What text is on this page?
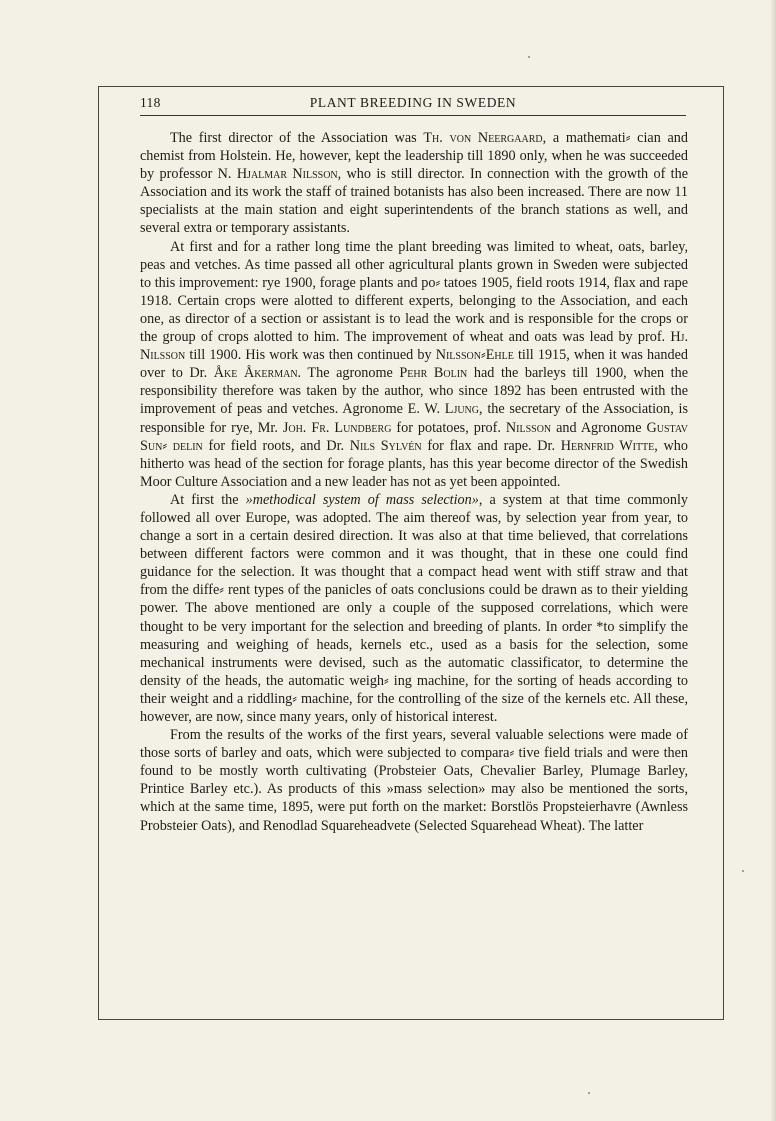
118	PLANT BREEDING IN SWEDEN

The first director of the Association was Th. von Neergaard, a mathemati⸗ cian and chemist from Holstein. He, however, kept the leadership till 1890 only, when he was succeeded by professor N. Hjalmar Nilsson, who is still director. In connection with the growth of the Association and its work the staff of trained botanists has also been increased. There are now 11 specialists at the main station and eight superintendents of the branch stations as well, and several extra or temporary assistants.

At first and for a rather long time the plant breeding was limited to wheat, oats, barley, peas and vetches. As time passed all other agricultural plants grown in Sweden were subjected to this improvement: rye 1900, forage plants and po⸗ tatoes 1905, field roots 1914, flax and rape 1918. Certain crops were alotted to different experts, belonging to the Association, and each one, as director of a section or assistant is to lead the work and is responsible for the crops or the group of crops alotted to him. The improvement of wheat and oats was lead by prof. Hj. Nilsson till 1900. His work was then continued by Nilsson⸗Ehle till 1915, when it was handed over to Dr. Åke Åkerman. The agronome Pehr Bolin had the barleys till 1900, when the responsibility therefore was taken by the author, who since 1892 has been entrusted with the improvement of peas and vetches. Agronome E. W. Ljung, the secretary of the Association, is responsible for rye, Mr. Joh. Fr. Lundberg for potatoes, prof. Nilsson and Agronome Gustav Sun⸗ delin for field roots, and Dr. Nils Sylvén for flax and rape. Dr. Hernfrid Witte, who hitherto was head of the section for forage plants, has this year become director of the Swedish Moor Culture Association and a new leader has not as yet been appointed.

At first the »methodical system of mass selection», a system at that time commonly followed all over Europe, was adopted. The aim thereof was, by selection year from year, to change a sort in a certain desired direction. It was also at that time believed, that correlations between different factors were common and it was thought, that in these one could find guidance for the selection. It was thought that a compact head went with stiff straw and that from the diffe⸗ rent types of the panicles of oats conclusions could be drawn as to their yielding power. The above mentioned are only a couple of the supposed correlations, which were thought to be very important for the selection and breeding of plants. In order *to simplify the measuring and weighing of heads, kernels etc., used as a basis for the selection, some mechanical instruments were devised, such as the automatic classificator, to determine the density of the heads, the automatic weigh⸗ ing machine, for the sorting of heads according to their weight and a riddling⸗ machine, for the controlling of the size of the kernels etc. All these, however, are now, since many years, only of historical interest.

From the results of the works of the first years, several valuable selections were made of those sorts of barley and oats, which were subjected to compara⸗ tive field trials and were then found to be mostly worth cultivating (Probsteier Oats, Chevalier Barley, Plumage Barley, Printice Barley etc.). As products of this »mass selection» may also be mentioned the sorts, which at the same time, 1895, were put forth on the market: Borstlös Propsteierhavre (Awnless Probsteier Oats), and Renodlad Squareheadvete (Selected Squarehead Wheat). The latter
